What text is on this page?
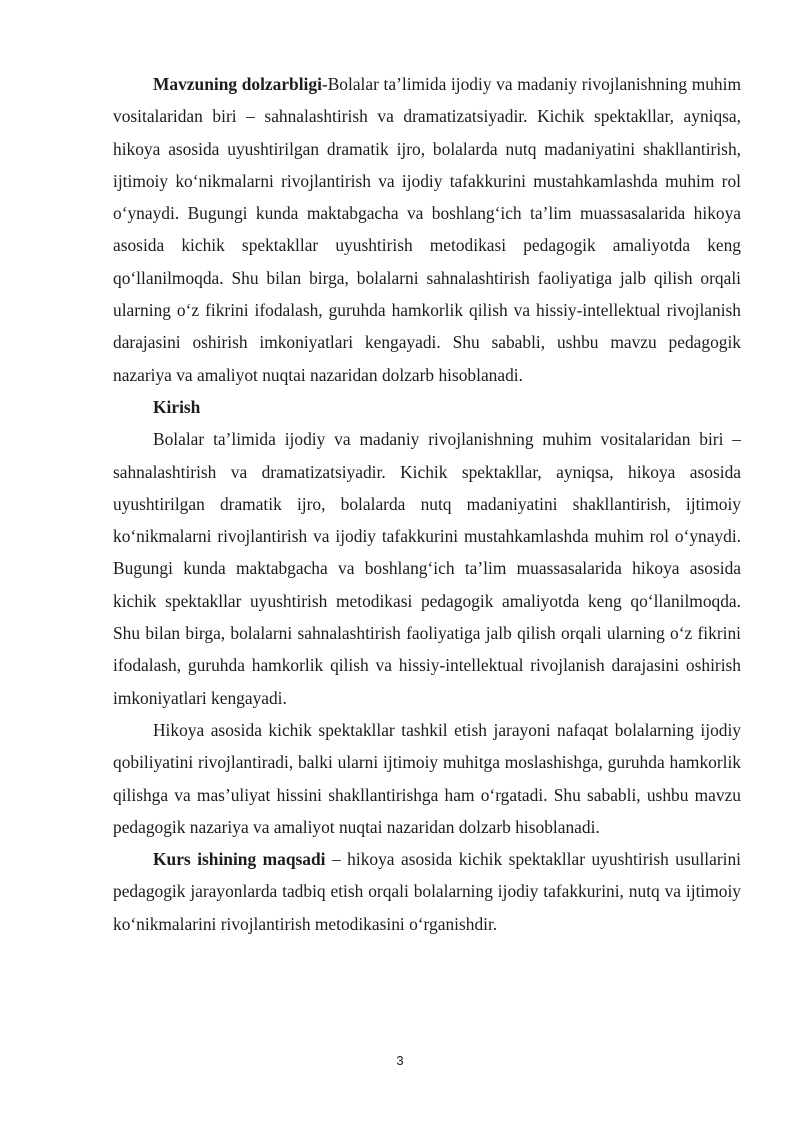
Mavzuning dolzarbligi-Bolalar ta’limida ijodiy va madaniy rivojlanishning muhim vositalaridan biri – sahnalashtirish va dramatizatsiyadir. Kichik spektakllar, ayniqsa, hikoya asosida uyushtirilgan dramatik ijro, bolalarda nutq madaniyatini shakllantirish, ijtimoiy ko‘nikmalarni rivojlantirish va ijodiy tafakkurini mustahkamlashda muhim rol o‘ynaydi. Bugungi kunda maktabgacha va boshlang‘ich ta’lim muassasalarida hikoya asosida kichik spektakllar uyushtirish metodikasi pedagogik amaliyotda keng qo‘llanilmoqda. Shu bilan birga, bolalarni sahnalashtirish faoliyatiga jalb qilish orqali ularning o‘z fikrini ifodalash, guruhda hamkorlik qilish va hissiy-intellektual rivojlanish darajasini oshirish imkoniyatlari kengayadi. Shu sababli, ushbu mavzu pedagogik nazariya va amaliyot nuqtai nazaridan dolzarb hisoblanadi.

Kirish

Bolalar ta’limida ijodiy va madaniy rivojlanishning muhim vositalaridan biri – sahnalashtirish va dramatizatsiyadir. Kichik spektakllar, ayniqsa, hikoya asosida uyushtirilgan dramatik ijro, bolalarda nutq madaniyatini shakllantirish, ijtimoiy ko‘nikmalarni rivojlantirish va ijodiy tafakkurini mustahkamlashda muhim rol o‘ynaydi. Bugungi kunda maktabgacha va boshlang‘ich ta’lim muassasalarida hikoya asosida kichik spektakllar uyushtirish metodikasi pedagogik amaliyotda keng qo‘llanilmoqda. Shu bilan birga, bolalarni sahnalashtirish faoliyatiga jalb qilish orqali ularning o‘z fikrini ifodalash, guruhda hamkorlik qilish va hissiy-intellektual rivojlanish darajasini oshirish imkoniyatlari kengayadi.

Hikoya asosida kichik spektakllar tashkil etish jarayoni nafaqat bolalarning ijodiy qobiliyatini rivojlantiradi, balki ularni ijtimoiy muhitga moslashishga, guruhda hamkorlik qilishga va mas’uliyat hissini shakllantirishga ham o‘rgatadi. Shu sababli, ushbu mavzu pedagogik nazariya va amaliyot nuqtai nazaridan dolzarb hisoblanadi.

Kurs ishining maqsadi – hikoya asosida kichik spektakllar uyushtirish usullarini pedagogik jarayonlarda tadbiq etish orqali bolalarning ijodiy tafakkurini, nutq va ijtimoiy ko‘nikmalarini rivojlantirish metodikasini o‘rganishdir.

3
